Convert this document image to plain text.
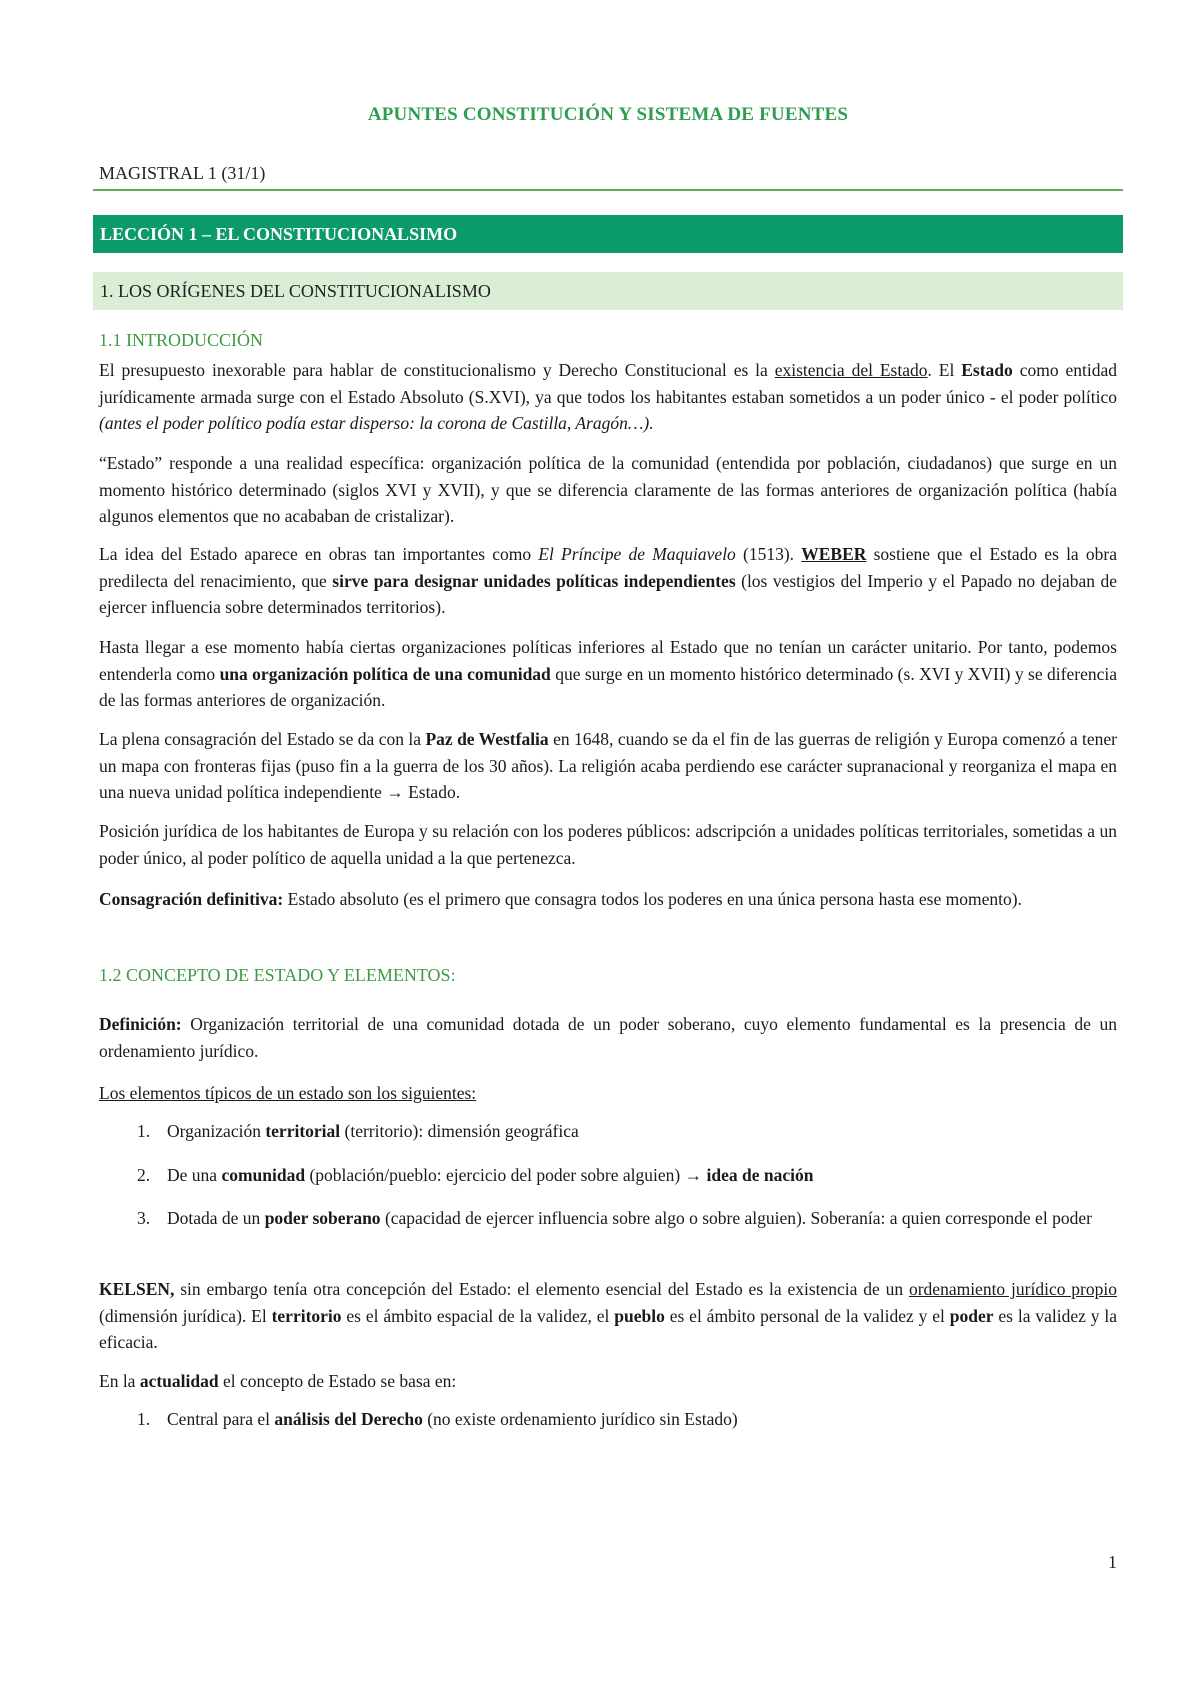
APUNTES CONSTITUCIÓN Y SISTEMA DE FUENTES
MAGISTRAL 1 (31/1)
LECCIÓN 1 – EL CONSTITUCIONALSIMO
1. LOS ORÍGENES DEL CONSTITUCIONALISMO
1.1 INTRODUCCIÓN

El presupuesto inexorable para hablar de constitucionalismo y Derecho Constitucional es la existencia del Estado. El Estado como entidad jurídicamente armada surge con el Estado Absoluto (S.XVI), ya que todos los habitantes estaban sometidos a un poder único - el poder político (antes el poder político podía estar disperso: la corona de Castilla, Aragón…).

“Estado” responde a una realidad específica: organización política de la comunidad (entendida por población, ciudadanos) que surge en un momento histórico determinado (siglos XVI y XVII), y que se diferencia claramente de las formas anteriores de organización política (había algunos elementos que no acababan de cristalizar).

La idea del Estado aparece en obras tan importantes como El Príncipe de Maquiavelo (1513). WEBER sostiene que el Estado es la obra predilecta del renacimiento, que sirve para designar unidades políticas independientes (los vestigios del Imperio y el Papado no dejaban de ejercer influencia sobre determinados territorios).

Hasta llegar a ese momento había ciertas organizaciones políticas inferiores al Estado que no tenían un carácter unitario. Por tanto, podemos entenderla como una organización política de una comunidad que surge en un momento histórico determinado (s. XVI y XVII) y se diferencia de las formas anteriores de organización.

La plena consagración del Estado se da con la Paz de Westfalia en 1648, cuando se da el fin de las guerras de religión y Europa comenzó a tener un mapa con fronteras fijas (puso fin a la guerra de los 30 años). La religión acaba perdiendo ese carácter supranacional y reorganiza el mapa en una nueva unidad política independiente → Estado.

Posición jurídica de los habitantes de Europa y su relación con los poderes públicos: adscripción a unidades políticas territoriales, sometidas a un poder único, al poder político de aquella unidad a la que pertenezca.

Consagración definitiva: Estado absoluto (es el primero que consagra todos los poderes en una única persona hasta ese momento).

1.2 CONCEPTO DE ESTADO Y ELEMENTOS:

Definición: Organización territorial de una comunidad dotada de un poder soberano, cuyo elemento fundamental es la presencia de un ordenamiento jurídico.

Los elementos típicos de un estado son los siguientes:

1. Organización territorial (territorio): dimensión geográfica
2. De una comunidad (población/pueblo: ejercicio del poder sobre alguien) → idea de nación
3. Dotada de un poder soberano (capacidad de ejercer influencia sobre algo o sobre alguien). Soberanía: a quien corresponde el poder

KELSEN, sin embargo tenía otra concepción del Estado: el elemento esencial del Estado es la existencia de un ordenamiento jurídico propio (dimensión jurídica). El territorio es el ámbito espacial de la validez, el pueblo es el ámbito personal de la validez y el poder es la validez y la eficacia.

En la actualidad el concepto de Estado se basa en:

1. Central para el análisis del Derecho (no existe ordenamiento jurídico sin Estado)
1
